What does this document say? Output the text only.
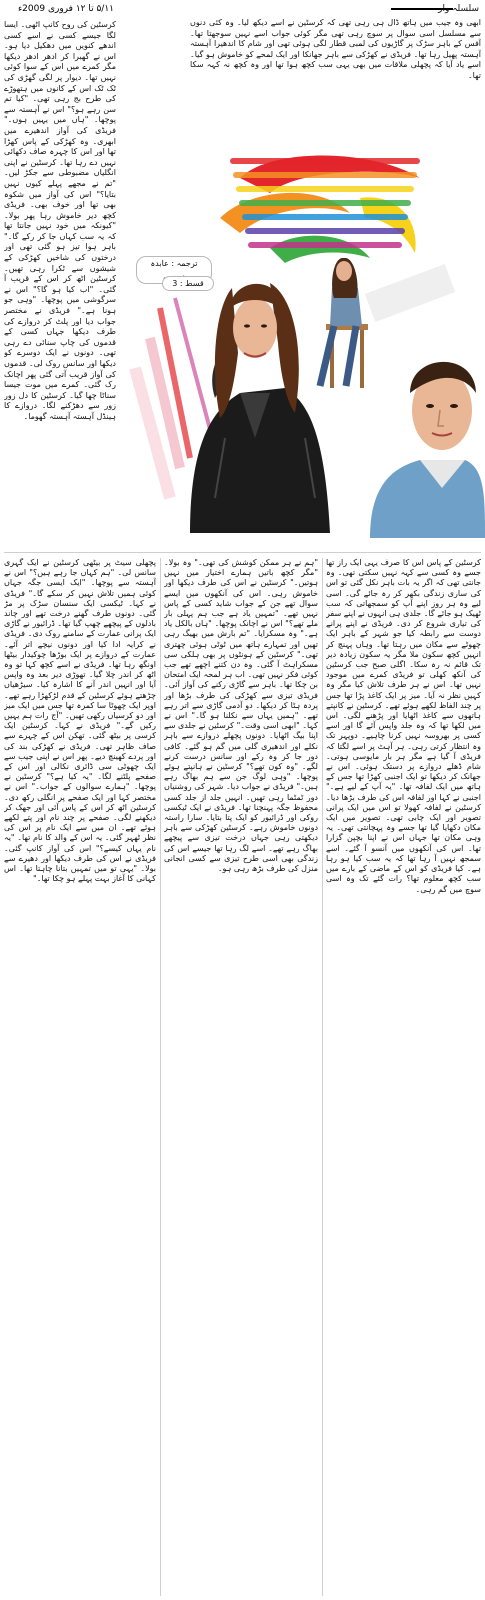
۵/۱۱ تا ۱۲ فروری 2009ء	سلسلہ وار
کرسٹین کی روح کانپ اٹھی۔ ایسا لگا جیسے کسی نے اسے کسی اندھے کنویں میں دھکیل دیا ہو۔ اس نے گھبرا کر ادھر ادھر دیکھا مگر کمرے میں اس کے سوا کوئی نہیں تھا۔ دیوار پر لگی گھڑی کی ٹک ٹک اس کے کانوں میں ہتھوڑے کی طرح بج رہی تھی۔ "کیا تم سن رہے ہو؟" اس نے آہستہ سے پوچھا۔ "ہاں میں یہیں ہوں۔" فریڈی کی آواز اندھیرے میں ابھری۔ وہ کھڑکی کے پاس کھڑا تھا اور اس کا چہرہ صاف دکھائی نہیں دے رہا تھا۔ کرسٹین نے اپنی انگلیاں مضبوطی سے جکڑ لیں۔ "تم نے مجھے پہلے کیوں نہیں بتایا؟" اس کی آواز میں شکوہ بھی تھا اور خوف بھی۔ فریڈی کچھ دیر خاموش رہا پھر بولا۔ "کیونکہ میں خود نہیں جانتا تھا کہ یہ سب کہاں جا کر رکے گا۔" باہر ہوا تیز ہو گئی تھی اور درختوں کی شاخیں کھڑکی کے شیشوں سے ٹکرا رہی تھیں۔ کرسٹین اٹھ کر اس کے قریب آ گئی۔ "اب کیا ہو گا؟" اس نے سرگوشی میں پوچھا۔ "وہی جو ہونا ہے۔" فریڈی نے مختصر جواب دیا اور پلٹ کر دروازے کی طرف دیکھا جہاں کسی کے قدموں کی چاپ سنائی دے رہی تھی۔ دونوں نے ایک دوسرے کو دیکھا اور سانس روک لی۔ قدموں کی آواز قریب آتی گئی پھر اچانک رک گئی۔ کمرے میں موت جیسا سناٹا چھا گیا۔ کرسٹین کا دل زور زور سے دھڑکنے لگا۔ دروازے کا ہینڈل آہستہ آہستہ گھوما۔
ابھی وہ جیب میں ہاتھ ڈال ہی رہی تھی کہ کرسٹین نے اسے دیکھ لیا۔ وہ کئی دنوں سے مسلسل اسی سوال پر سوچ رہی تھی مگر کوئی جواب اسے نہیں سوجھتا تھا۔ آفس کے باہر سڑک پر گاڑیوں کی لمبی قطار لگی ہوئی تھی اور شام کا اندھیرا آہستہ آہستہ پھیل رہا تھا۔ فریڈی نے کھڑکی سے باہر جھانکا اور ایک لمحے کو خاموش ہو گیا۔ اسے یاد آیا کہ پچھلی ملاقات میں بھی یہی سب کچھ ہوا تھا اور وہ کچھ نہ کہہ سکا تھا۔
ترجمہ : عابدہ
قسط : 3
کرسٹین کے پاس اس کا صرف یہی ایک راز تھا جسے وہ کسی سے کہہ نہیں سکتی تھی۔ وہ جانتی تھی کہ اگر یہ بات باہر نکل گئی تو اس کی ساری زندگی بکھر کر رہ جائے گی۔ اسی لیے وہ ہر روز اپنے آپ کو سمجھاتی کہ سب ٹھیک ہو جائے گا۔ جلدی ہی انہوں نے اپنے سفر کی تیاری شروع کر دی۔ فریڈی نے اپنے پرانے دوست سے رابطہ کیا جو شہر کے باہر ایک چھوٹے سے مکان میں رہتا تھا۔ وہاں پہنچ کر انہیں کچھ سکون ملا مگر یہ سکون زیادہ دیر تک قائم نہ رہ سکا۔ اگلی صبح جب کرسٹین کی آنکھ کھلی تو فریڈی کمرے میں موجود نہیں تھا۔ اس نے ہر طرف تلاش کیا مگر وہ کہیں نظر نہ آیا۔ میز پر ایک کاغذ پڑا تھا جس پر چند الفاظ لکھے ہوئے تھے۔ کرسٹین نے کانپتے ہاتھوں سے کاغذ اٹھایا اور پڑھنے لگی۔ اس میں لکھا تھا کہ وہ جلد واپس آئے گا اور اسے کسی پر بھروسہ نہیں کرنا چاہیے۔ دوپہر تک وہ انتظار کرتی رہی۔ ہر آہٹ پر اسے لگتا کہ فریڈی آ گیا ہے مگر ہر بار مایوسی ہوتی۔ شام ڈھلے دروازے پر دستک ہوئی۔ اس نے جھانک کر دیکھا تو ایک اجنبی کھڑا تھا جس کے ہاتھ میں ایک لفافہ تھا۔ "یہ آپ کے لیے ہے۔" اجنبی نے کہا اور لفافہ اس کی طرف بڑھا دیا۔ کرسٹین نے لفافہ کھولا تو اس میں ایک پرانی تصویر اور ایک چابی تھی۔ تصویر میں ایک مکان دکھایا گیا تھا جسے وہ پہچانتی تھی۔ یہ وہی مکان تھا جہاں اس نے اپنا بچپن گزارا تھا۔ اس کی آنکھوں میں آنسو آ گئے۔ اسے سمجھ نہیں آ رہا تھا کہ یہ سب کیا ہو رہا ہے۔ کیا فریڈی کو اس کے ماضی کے بارے میں سب کچھ معلوم تھا؟ رات گئے تک وہ اسی سوچ میں گم رہی۔
"ہم نے ہر ممکن کوشش کی تھی۔" وہ بولا۔ "مگر کچھ باتیں ہمارے اختیار میں نہیں ہوتیں۔" کرسٹین نے اس کی طرف دیکھا اور خاموش رہی۔ اس کی آنکھوں میں ایسے سوال تھے جن کے جواب شاید کسی کے پاس نہیں تھے۔ "تمہیں یاد ہے جب ہم پہلی بار ملے تھے؟" اس نے اچانک پوچھا۔ "ہاں بالکل یاد ہے۔" وہ مسکرایا۔ "تم بارش میں بھیگ رہی تھیں اور تمہارے ہاتھ میں ٹوٹی ہوئی چھتری تھی۔" کرسٹین کے ہونٹوں پر بھی ہلکی سی مسکراہٹ آ گئی۔ وہ دن کتنے اچھے تھے جب کوئی فکر نہیں تھی۔ اب ہر لمحہ ایک امتحان بن چکا تھا۔ باہر سے گاڑی رکنے کی آواز آئی۔ فریڈی تیزی سے کھڑکی کی طرف بڑھا اور پردہ ہٹا کر دیکھا۔ دو آدمی گاڑی سے اتر رہے تھے۔ "ہمیں یہاں سے نکلنا ہو گا۔" اس نے کہا۔ "ابھی اسی وقت۔" کرسٹین نے جلدی سے اپنا بیگ اٹھایا۔ دونوں پچھلے دروازے سے باہر نکلے اور اندھیری گلی میں گم ہو گئے۔ کافی دور جا کر وہ رکے اور سانس درست کرنے لگے۔ "وہ کون تھے؟" کرسٹین نے ہانپتے ہوئے پوچھا۔ "وہی لوگ جن سے ہم بھاگ رہے ہیں۔" فریڈی نے جواب دیا۔ شہر کی روشنیاں دور ٹمٹما رہی تھیں۔ انہیں جلد از جلد کسی محفوظ جگہ پہنچنا تھا۔ فریڈی نے ایک ٹیکسی روکی اور ڈرائیور کو ایک پتا بتایا۔ سارا راستہ دونوں خاموش رہے۔ کرسٹین کھڑکی سے باہر دیکھتی رہی جہاں درخت تیزی سے پیچھے بھاگ رہے تھے۔ اسے لگ رہا تھا جیسے اس کی زندگی بھی اسی طرح تیزی سے کسی انجانی منزل کی طرف بڑھ رہی ہو۔
پچھلی سیٹ پر بیٹھی کرسٹین نے ایک گہری سانس لی۔ "ہم کہاں جا رہے ہیں؟" اس نے آہستہ سے پوچھا۔ "ایک ایسی جگہ جہاں کوئی ہمیں تلاش نہیں کر سکے گا۔" فریڈی نے کہا۔ ٹیکسی ایک سنسان سڑک پر مڑ گئی۔ دونوں طرف گھنے درخت تھے اور چاند بادلوں کے پیچھے چھپ گیا تھا۔ ڈرائیور نے گاڑی ایک پرانی عمارت کے سامنے روک دی۔ فریڈی نے کرایہ ادا کیا اور دونوں نیچے اتر آئے۔ عمارت کے دروازے پر ایک بوڑھا چوکیدار بیٹھا اونگھ رہا تھا۔ فریڈی نے اسے کچھ کہا تو وہ اٹھ کر اندر چلا گیا۔ تھوڑی دیر بعد وہ واپس آیا اور انہیں اندر آنے کا اشارہ کیا۔ سیڑھیاں چڑھتے ہوئے کرسٹین کے قدم لڑکھڑا رہے تھے۔ اوپر ایک چھوٹا سا کمرہ تھا جس میں ایک میز اور دو کرسیاں رکھی تھیں۔ "آج رات ہم یہیں رکیں گے۔" فریڈی نے کہا۔ کرسٹین ایک کرسی پر بیٹھ گئی۔ تھکن اس کے چہرے سے صاف ظاہر تھی۔ فریڈی نے کھڑکی بند کی اور پردے کھینچ دیے۔ پھر اس نے اپنی جیب سے ایک چھوٹی سی ڈائری نکالی اور اس کے صفحے پلٹنے لگا۔ "یہ کیا ہے؟" کرسٹین نے پوچھا۔ "ہمارے سوالوں کے جواب۔" اس نے مختصر کہا اور ایک صفحے پر انگلی رکھ دی۔ کرسٹین اٹھ کر اس کے پاس آئی اور جھک کر دیکھنے لگی۔ صفحے پر چند نام اور پتے لکھے ہوئے تھے۔ ان میں سے ایک نام پر اس کی نظر ٹھہر گئی۔ یہ اس کے والد کا نام تھا۔ "یہ نام یہاں کیسے؟" اس کی آواز کانپ گئی۔ فریڈی نے اس کی طرف دیکھا اور دھیرے سے بولا۔ "یہی تو میں تمہیں بتانا چاہتا تھا۔ اس کہانی کا آغاز بہت پہلے ہو چکا تھا۔"
